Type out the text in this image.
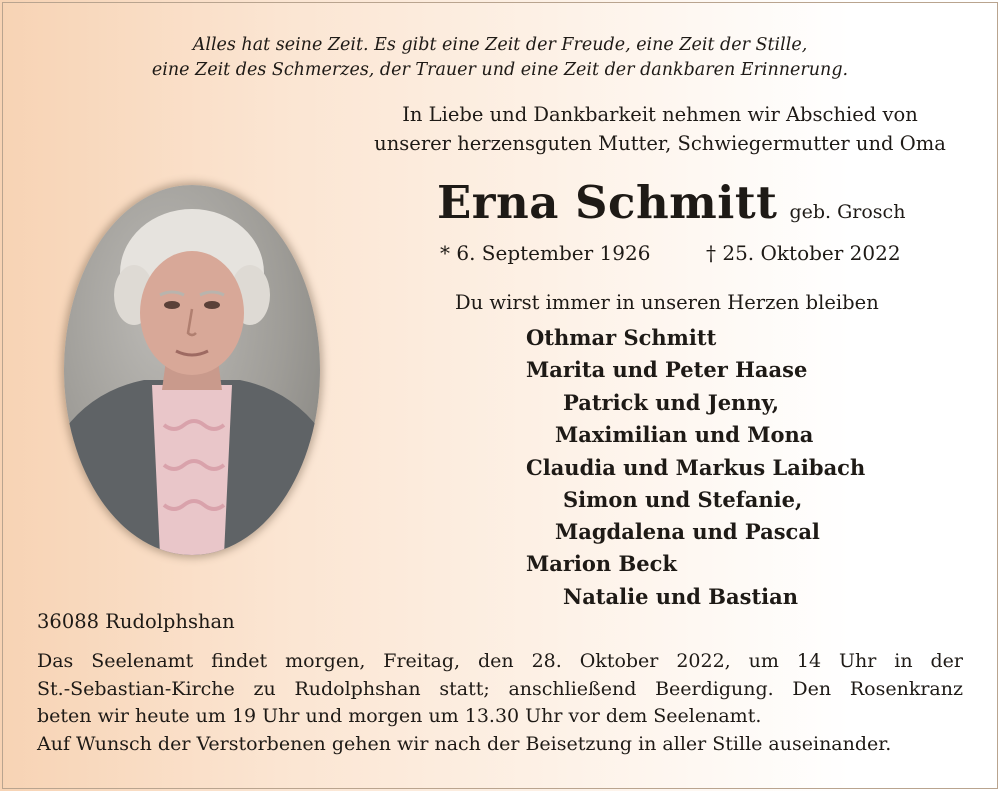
Alles hat seine Zeit. Es gibt eine Zeit der Freude, eine Zeit der Stille,
eine Zeit des Schmerzes, der Trauer und eine Zeit der dankbaren Erinnerung.
In Liebe und Dankbarkeit nehmen wir Abschied von
unserer herzensguten Mutter, Schwiegermutter und Oma
Erna Schmitt geb. Grosch
* 6. September 1926	† 25. Oktober 2022
Du wirst immer in unseren Herzen bleiben
Othmar Schmitt
Marita und Peter Haase
Patrick und Jenny,
Maximilian und Mona
Claudia und Markus Laibach
Simon und Stefanie,
Magdalena und Pascal
Marion Beck
Natalie und Bastian
36088 Rudolphshan
Das Seelenamt findet morgen, Freitag, den 28. Oktober 2022, um 14 Uhr in der
St.-Sebastian-Kirche zu Rudolphshan statt; anschließend Beerdigung. Den Rosenkranz
beten wir heute um 19 Uhr und morgen um 13.30 Uhr vor dem Seelenamt.
Auf Wunsch der Verstorbenen gehen wir nach der Beisetzung in aller Stille auseinander.
